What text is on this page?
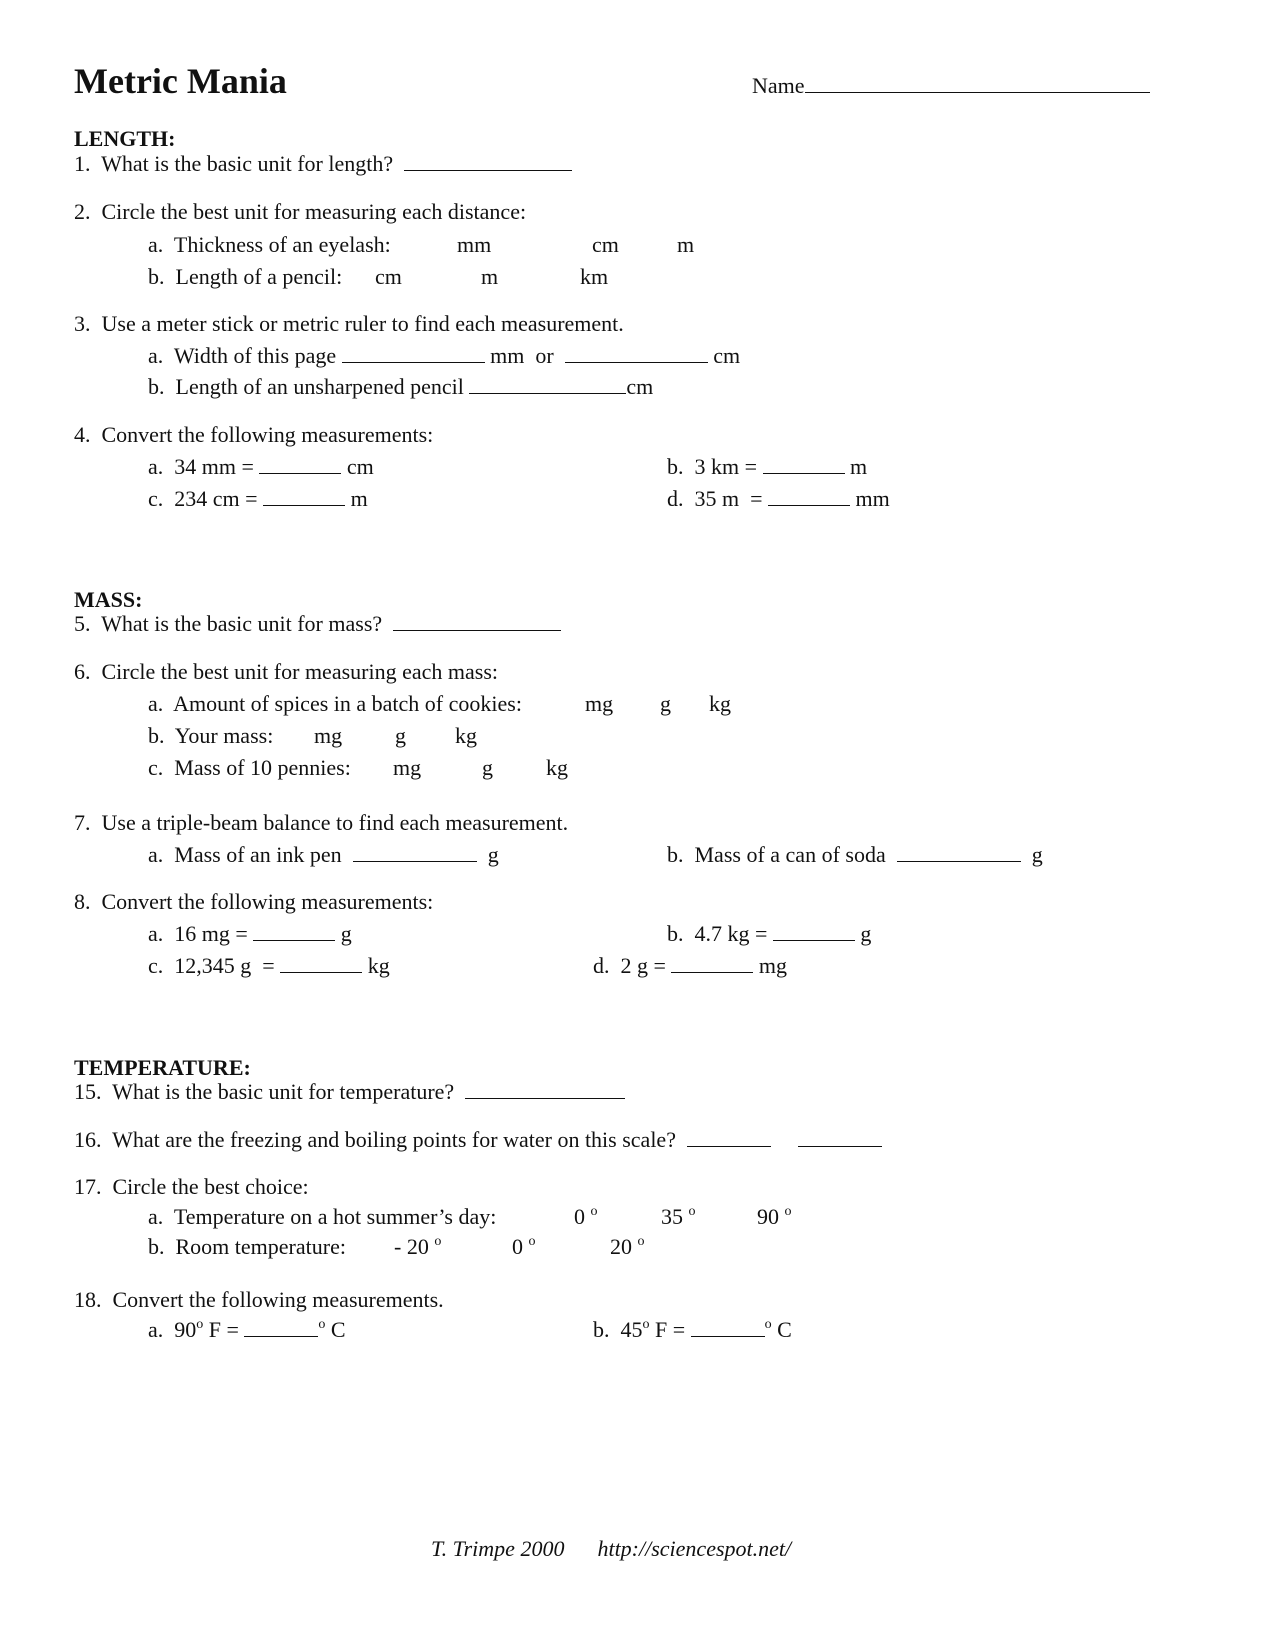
Metric Mania	Name
LENGTH:
1. What is the basic unit for length?
2. Circle the best unit for measuring each distance:
a. Thickness of an eyelash:	mm	cm	m
b. Length of a pencil: cm	m	km
3. Use a meter stick or metric ruler to find each measurement.
a. Width of this page	mm or	cm
b. Length of an unsharpened pencil	cm
4. Convert the following measurements:
a. 34 mm =	cm	b. 3 km =	m
c. 234 cm =	m	d. 35 m  =	mm
MASS:
5. What is the basic unit for mass?
6. Circle the best unit for measuring each mass:
a. Amount of spices in a batch of cookies:	mg g kg
b. Your mass: mg g kg
c. Mass of 10 pennies: mg	g kg
7. Use a triple-beam balance to find each measurement.
a. Mass of an ink pen	g	b. Mass of a can of soda	g
8. Convert the following measurements:
a. 16 mg =	g	b. 4.7 kg =	g
c. 12,345 g  =	kg	d. 2 g =	mg
TEMPERATURE:
15. What is the basic unit for temperature?
16. What are the freezing and boiling points for water on this scale?
17. Circle the best choice:
a. Temperature on a hot summer’s day:	0 $^o$	35 $^o$	90 $^o$
b. Room temperature: - 20 $^o$	0 $^o$	20 $^o$
18. Convert the following measurements.
a. 90$^o$ F =	$^o$ C	b. 45$^o$ F =	$^o$ C
T. Trimpe 2000 http://sciencespot.net/
